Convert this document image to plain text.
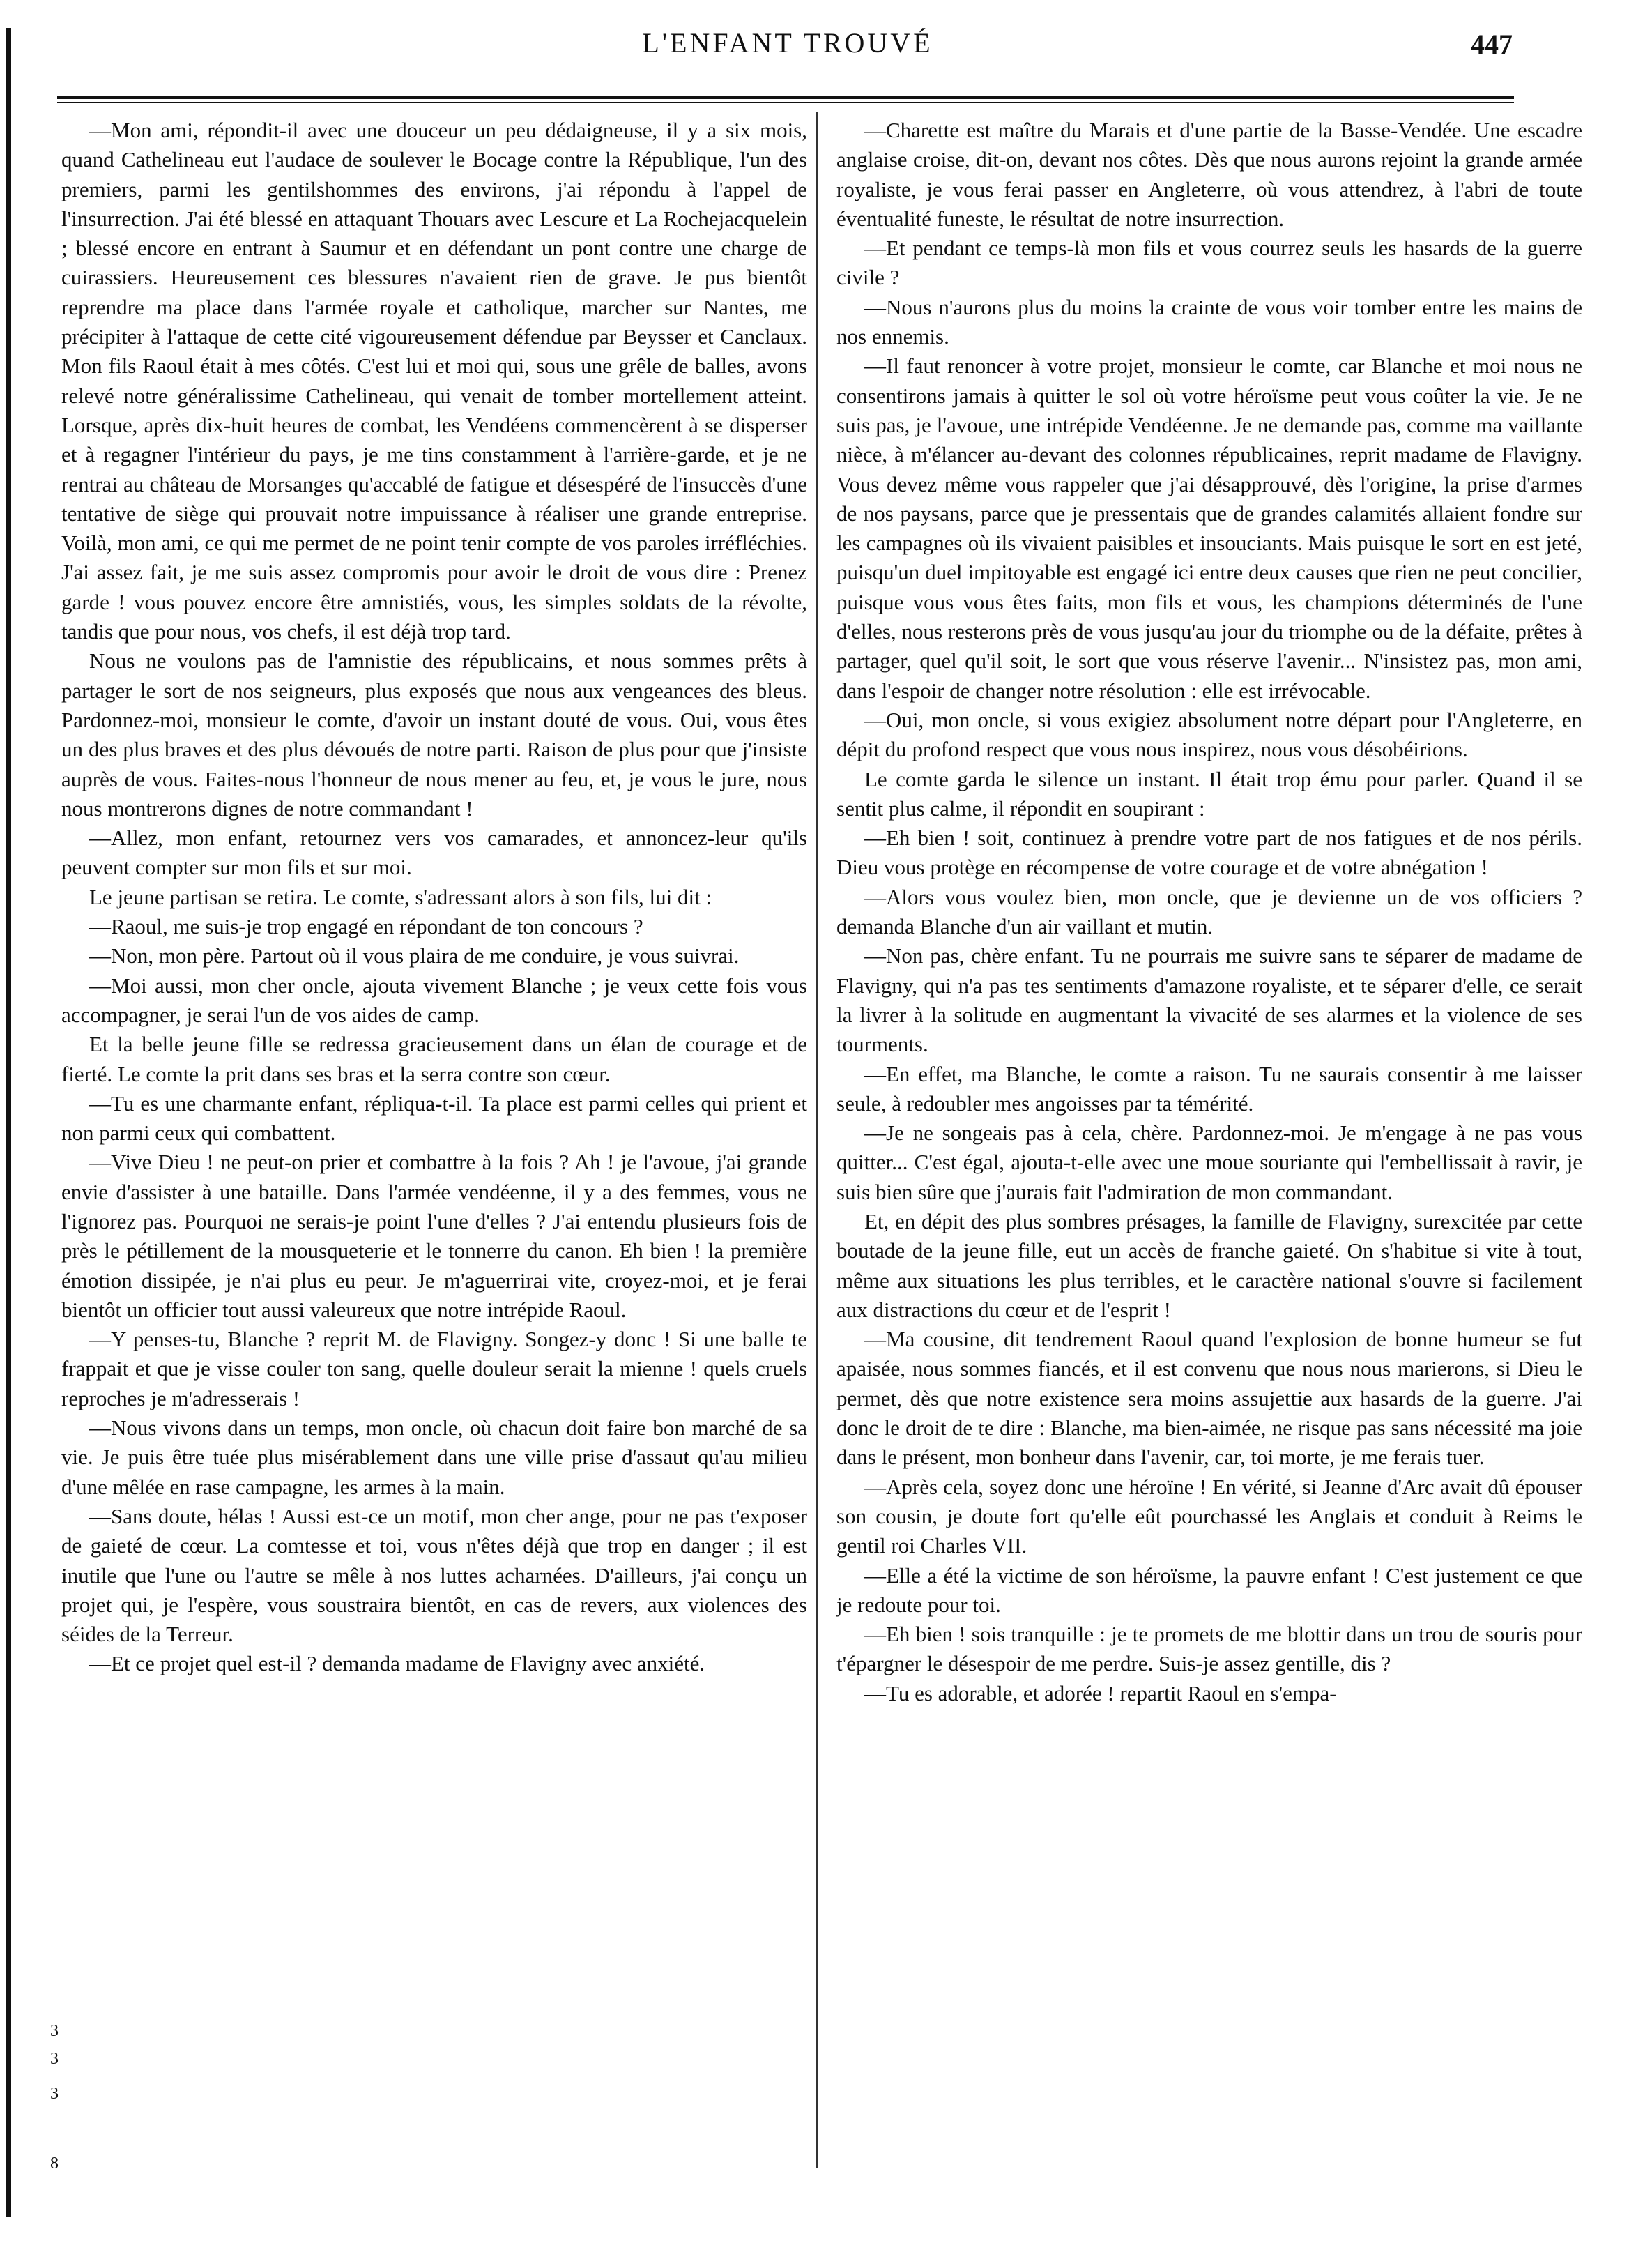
L'ENFANT TROUVÉ	447

—Mon ami, répondit-il avec une douceur un peu dédaigneuse, il y a six mois, quand Cathelineau eut l'audace de soulever le Bocage contre la République, l'un des premiers, parmi les gentilshommes des environs, j'ai répondu à l'appel de l'insurrection. J'ai été blessé en attaquant Thouars avec Lescure et La Rochejacquelein ; blessé encore en entrant à Saumur et en défendant un pont contre une charge de cuirassiers. Heureusement ces blessures n'avaient rien de grave. Je pus bientôt reprendre ma place dans l'armée royale et catholique, marcher sur Nantes, me précipiter à l'attaque de cette cité vigoureusement défendue par Beysser et Canclaux. Mon fils Raoul était à mes côtés. C'est lui et moi qui, sous une grêle de balles, avons relevé notre généralissime Cathelineau, qui venait de tomber mortellement atteint. Lorsque, après dix-huit heures de combat, les Vendéens commencèrent à se disperser et à regagner l'intérieur du pays, je me tins constamment à l'arrière-garde, et je ne rentrai au château de Morsanges qu'accablé de fatigue et désespéré de l'insuccès d'une tentative de siège qui prouvait notre impuissance à réaliser une grande entreprise. Voilà, mon ami, ce qui me permet de ne point tenir compte de vos paroles irréfléchies. J'ai assez fait, je me suis assez compromis pour avoir le droit de vous dire : Prenez garde ! vous pouvez encore être amnistiés, vous, les simples soldats de la révolte, tandis que pour nous, vos chefs, il est déjà trop tard.

Nous ne voulons pas de l'amnistie des républicains, et nous sommes prêts à partager le sort de nos seigneurs, plus exposés que nous aux vengeances des bleus. Pardonnez-moi, monsieur le comte, d'avoir un instant douté de vous. Oui, vous êtes un des plus braves et des plus dévoués de notre parti. Raison de plus pour que j'insiste auprès de vous. Faites-nous l'honneur de nous mener au feu, et, je vous le jure, nous nous montrerons dignes de notre commandant !

—Allez, mon enfant, retournez vers vos camarades, et annoncez-leur qu'ils peuvent compter sur mon fils et sur moi.

Le jeune partisan se retira. Le comte, s'adressant alors à son fils, lui dit :

—Raoul, me suis-je trop engagé en répondant de ton concours ?

—Non, mon père. Partout où il vous plaira de me conduire, je vous suivrai.

—Moi aussi, mon cher oncle, ajouta vivement Blanche ; je veux cette fois vous accompagner, je serai l'un de vos aides de camp.

Et la belle jeune fille se redressa gracieusement dans un élan de courage et de fierté. Le comte la prit dans ses bras et la serra contre son cœur.

—Tu es une charmante enfant, répliqua-t-il. Ta place est parmi celles qui prient et non parmi ceux qui combattent.

—Vive Dieu ! ne peut-on prier et combattre à la fois ? Ah ! je l'avoue, j'ai grande envie d'assister à une bataille. Dans l'armée vendéenne, il y a des femmes, vous ne l'ignorez pas. Pourquoi ne serais-je point l'une d'elles ? J'ai entendu plusieurs fois de près le pétillement de la mousqueterie et le tonnerre du canon. Eh bien ! la première émotion dissipée, je n'ai plus eu peur. Je m'aguerrirai vite, croyez-moi, et je ferai bientôt un officier tout aussi valeureux que notre intrépide Raoul.

—Y penses-tu, Blanche ? reprit M. de Flavigny. Songez-y donc ! Si une balle te frappait et que je visse couler ton sang, quelle douleur serait la mienne ! quels cruels reproches je m'adresserais !

—Nous vivons dans un temps, mon oncle, où chacun doit faire bon marché de sa vie. Je puis être tuée plus misérablement dans une ville prise d'assaut qu'au milieu d'une mêlée en rase campagne, les armes à la main.

—Sans doute, hélas ! Aussi est-ce un motif, mon cher ange, pour ne pas t'exposer de gaieté de cœur. La comtesse et toi, vous n'êtes déjà que trop en danger ; il est inutile que l'une ou l'autre se mêle à nos luttes acharnées. D'ailleurs, j'ai conçu un projet qui, je l'espère, vous soustraira bientôt, en cas de revers, aux violences des séides de la Terreur.

—Et ce projet quel est-il ? demanda madame de Flavigny avec anxiété.

—Charette est maître du Marais et d'une partie de la Basse-Vendée. Une escadre anglaise croise, dit-on, devant nos côtes. Dès que nous aurons rejoint la grande armée royaliste, je vous ferai passer en Angleterre, où vous attendrez, à l'abri de toute éventualité funeste, le résultat de notre insurrection.

—Et pendant ce temps-là mon fils et vous courrez seuls les hasards de la guerre civile ?

—Nous n'aurons plus du moins la crainte de vous voir tomber entre les mains de nos ennemis.

—Il faut renoncer à votre projet, monsieur le comte, car Blanche et moi nous ne consentirons jamais à quitter le sol où votre héroïsme peut vous coûter la vie. Je ne suis pas, je l'avoue, une intrépide Vendéenne. Je ne demande pas, comme ma vaillante nièce, à m'élancer au-devant des colonnes républicaines, reprit madame de Flavigny. Vous devez même vous rappeler que j'ai désapprouvé, dès l'origine, la prise d'armes de nos paysans, parce que je pressentais que de grandes calamités allaient fondre sur les campagnes où ils vivaient paisibles et insouciants. Mais puisque le sort en est jeté, puisqu'un duel impitoyable est engagé ici entre deux causes que rien ne peut concilier, puisque vous vous êtes faits, mon fils et vous, les champions déterminés de l'une d'elles, nous resterons près de vous jusqu'au jour du triomphe ou de la défaite, prêtes à partager, quel qu'il soit, le sort que vous réserve l'avenir... N'insistez pas, mon ami, dans l'espoir de changer notre résolution : elle est irrévocable.

—Oui, mon oncle, si vous exigiez absolument notre départ pour l'Angleterre, en dépit du profond respect que vous nous inspirez, nous vous désobéirions.

Le comte garda le silence un instant. Il était trop ému pour parler. Quand il se sentit plus calme, il répondit en soupirant :

—Eh bien ! soit, continuez à prendre votre part de nos fatigues et de nos périls. Dieu vous protège en récompense de votre courage et de votre abnégation !

—Alors vous voulez bien, mon oncle, que je devienne un de vos officiers ? demanda Blanche d'un air vaillant et mutin.

—Non pas, chère enfant. Tu ne pourrais me suivre sans te séparer de madame de Flavigny, qui n'a pas tes sentiments d'amazone royaliste, et te séparer d'elle, ce serait la livrer à la solitude en augmentant la vivacité de ses alarmes et la violence de ses tourments.

—En effet, ma Blanche, le comte a raison. Tu ne saurais consentir à me laisser seule, à redoubler mes angoisses par ta témérité.

—Je ne songeais pas à cela, chère. Pardonnez-moi. Je m'engage à ne pas vous quitter... C'est égal, ajouta-t-elle avec une moue souriante qui l'embellissait à ravir, je suis bien sûre que j'aurais fait l'admiration de mon commandant.

Et, en dépit des plus sombres présages, la famille de Flavigny, surexcitée par cette boutade de la jeune fille, eut un accès de franche gaieté. On s'habitue si vite à tout, même aux situations les plus terribles, et le caractère national s'ouvre si facilement aux distractions du cœur et de l'esprit !

—Ma cousine, dit tendrement Raoul quand l'explosion de bonne humeur se fut apaisée, nous sommes fiancés, et il est convenu que nous nous marierons, si Dieu le permet, dès que notre existence sera moins assujettie aux hasards de la guerre. J'ai donc le droit de te dire : Blanche, ma bien-aimée, ne risque pas sans nécessité ma joie dans le présent, mon bonheur dans l'avenir, car, toi morte, je me ferais tuer.

—Après cela, soyez donc une héroïne ! En vérité, si Jeanne d'Arc avait dû épouser son cousin, je doute fort qu'elle eût pourchassé les Anglais et conduit à Reims le gentil roi Charles VII.

—Elle a été la victime de son héroïsme, la pauvre enfant ! C'est justement ce que je redoute pour toi.

—Eh bien ! sois tranquille : je te promets de me blottir dans un trou de souris pour t'épargner le désespoir de me perdre. Suis-je assez gentille, dis ?

—Tu es adorable, et adorée ! repartit Raoul en s'empa-

3
3
3
8
